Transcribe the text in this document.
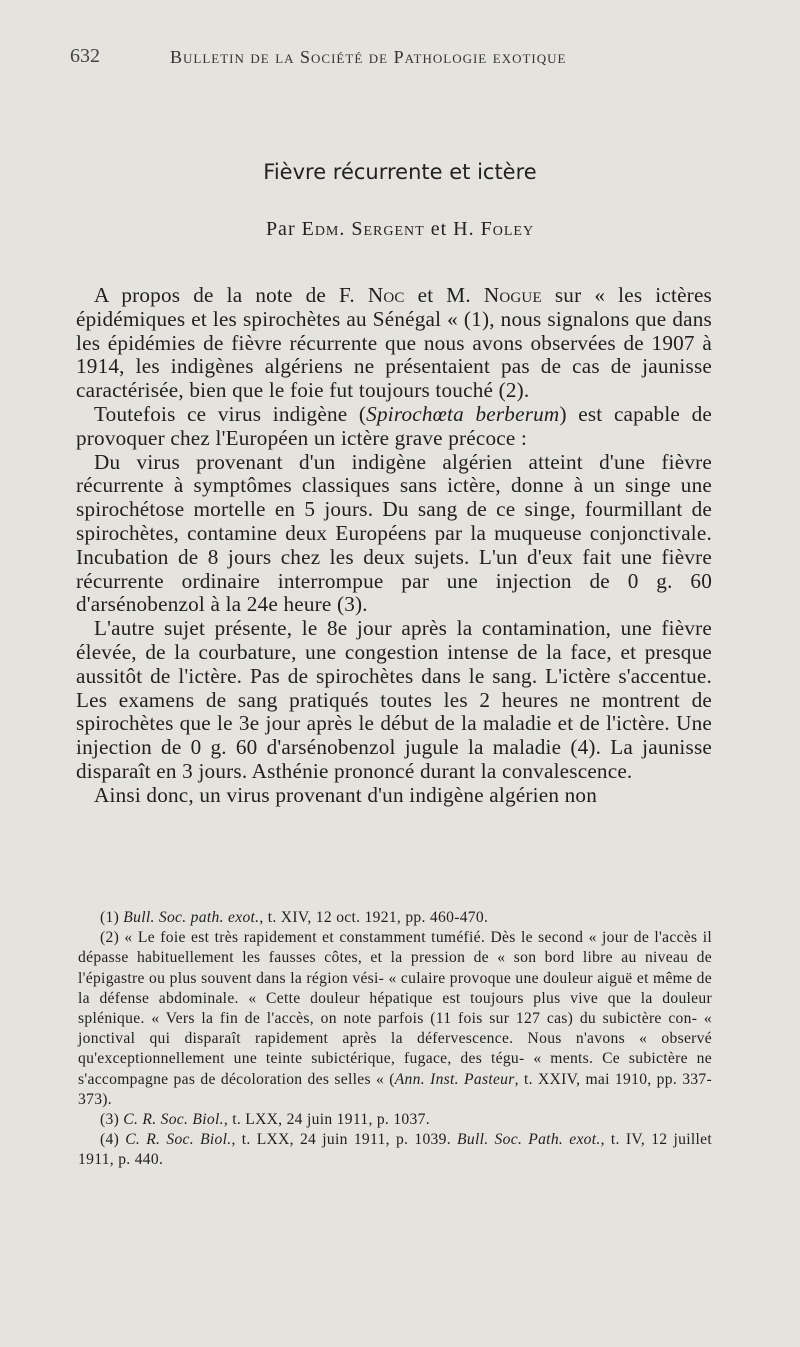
632	Bulletin de la Société de Pathologie exotique
Fièvre récurrente et ictère
Par Edm. Sergent et H. Foley

A propos de la note de F. Noc et M. Nogue sur « les ictères épidémiques et les spirochètes au Sénégal « (1), nous signalons que dans les épidémies de fièvre récurrente que nous avons observées de 1907 à 1914, les indigènes algériens ne présentaient pas de cas de jaunisse caractérisée, bien que le foie fut toujours touché (2).

Toutefois ce virus indigène (Spirochœta berberum) est capable de provoquer chez l'Européen un ictère grave précoce :

Du virus provenant d'un indigène algérien atteint d'une fièvre récurrente à symptômes classiques sans ictère, donne à un singe une spirochétose mortelle en 5 jours. Du sang de ce singe, fourmillant de spirochètes, contamine deux Européens par la muqueuse conjonctivale. Incubation de 8 jours chez les deux sujets. L'un d'eux fait une fièvre récurrente ordinaire interrompue par une injection de 0 g. 60 d'arsénobenzol à la 24e heure (3).

L'autre sujet présente, le 8e jour après la contamination, une fièvre élevée, de la courbature, une congestion intense de la face, et presque aussitôt de l'ictère. Pas de spirochètes dans le sang. L'ictère s'accentue. Les examens de sang pratiqués toutes les 2 heures ne montrent de spirochètes que le 3e jour après le début de la maladie et de l'ictère. Une injection de 0 g. 60 d'arsénobenzol jugule la maladie (4). La jaunisse disparaît en 3 jours. Asthénie prononcé durant la convalescence.

Ainsi donc, un virus provenant d'un indigène algérien non

(1) Bull. Soc. path. exot., t. XIV, 12 oct. 1921, pp. 460-470.

(2) « Le foie est très rapidement et constamment tuméfié. Dès le second « jour de l'accès il dépasse habituellement les fausses côtes, et la pression de « son bord libre au niveau de l'épigastre ou plus souvent dans la région vési- « culaire provoque une douleur aiguë et même de la défense abdominale. « Cette douleur hépatique est toujours plus vive que la douleur splénique. « Vers la fin de l'accès, on note parfois (11 fois sur 127 cas) du subictère con- « jonctival qui disparaît rapidement après la défervescence. Nous n'avons « observé qu'exceptionnellement une teinte subictérique, fugace, des tégu- « ments. Ce subictère ne s'accompagne pas de décoloration des selles « (Ann. Inst. Pasteur, t. XXIV, mai 1910, pp. 337-373).

(3) C. R. Soc. Biol., t. LXX, 24 juin 1911, p. 1037.

(4) C. R. Soc. Biol., t. LXX, 24 juin 1911, p. 1039. Bull. Soc. Path. exot., t. IV, 12 juillet 1911, p. 440.
